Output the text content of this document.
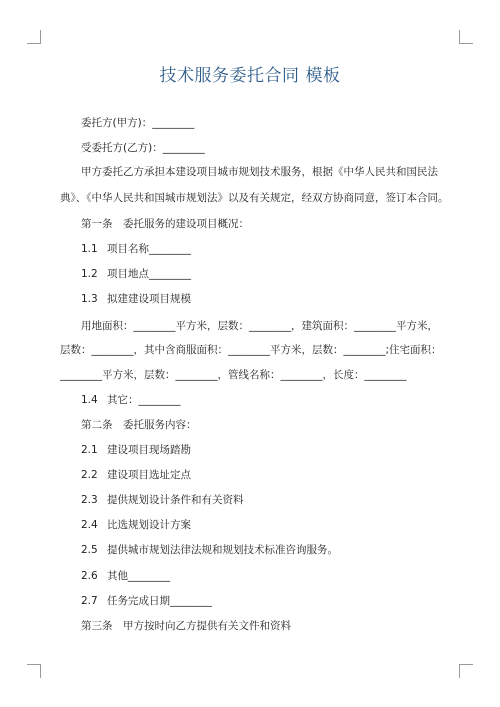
技术服务委托合同 模板
委托方(甲方)：________
受委托方(乙方)：________
甲方委托乙方承担本建设项目城市规划技术服务，根据《中华人民共和国民法
典》、《中华人民共和国城市规划法》以及有关规定，经双方协商同意，签订本合同。
第一条　委托服务的建设项目概况：
1.1 项目名称________
1.2 项目地点________
1.3 拟建建设项目规模
用地面积：________平方米，层数：________，建筑面积：________平方米，
层数：________，其中含商服面积：________平方米，层数：________;住宅面积：
________平方米，层数：________，管线名称：________，长度：________
1.4 其它：________
第二条　委托服务内容：
2.1 建设项目现场踏勘
2.2 建设项目选址定点
2.3 提供规划设计条件和有关资料
2.4 比选规划设计方案
2.5 提供城市规划法律法规和规划技术标准咨询服务。
2.6 其他________
2.7 任务完成日期________
第三条　甲方按时向乙方提供有关文件和资料
